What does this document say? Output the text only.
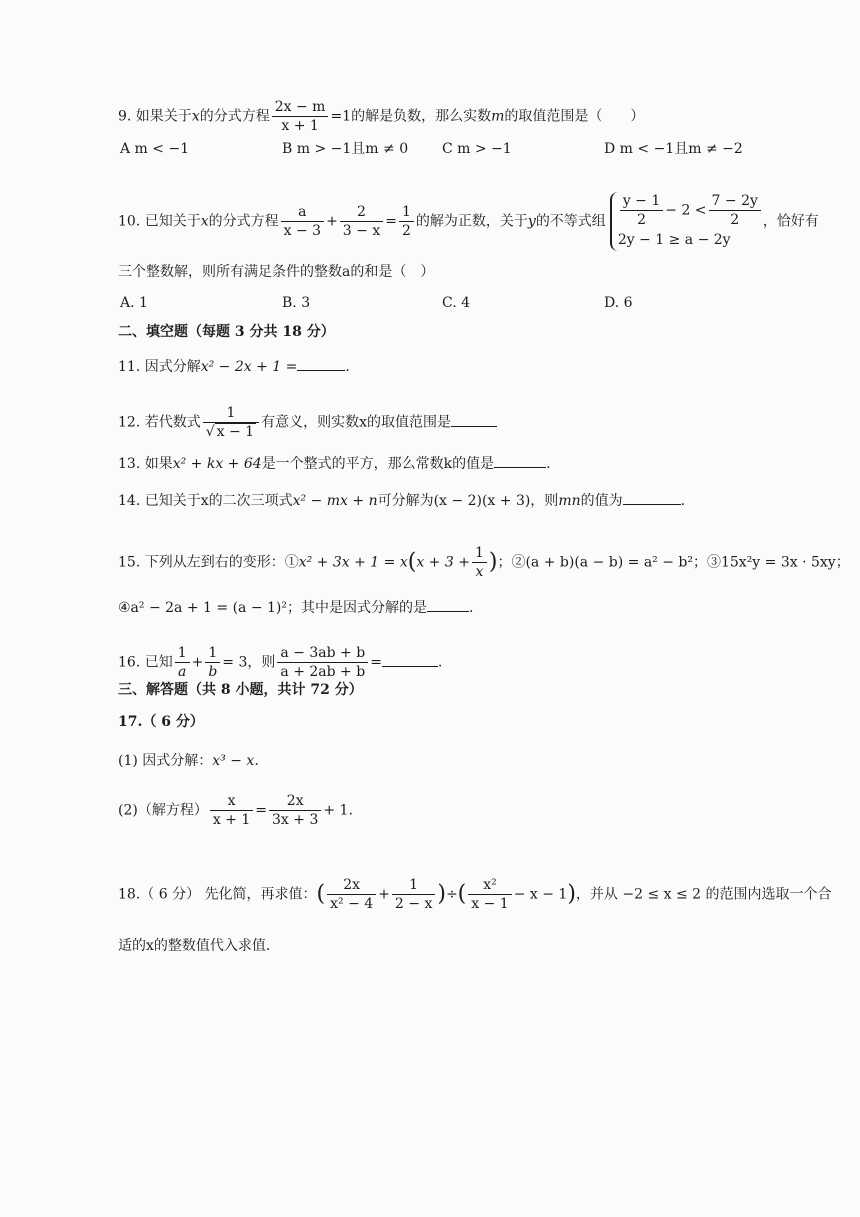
9. 如果关于x的分式方程 $\frac{2x - m}{x + 1} =1$的解是负数，那么实数m的取值范围是（　　）
A m < −1	B m > −1且m ≠ 0 C m > −1	D m < −1且m ≠ −2
10. 已知关于x的分式方程 $\frac{a}{x - 3} + \frac{2}{3 - x} = \frac{1}{2}$ 的解为正数，关于y的不等式组 $\frac{y - 1}{2} - 2 < \frac{7 - 2y}{2}$
2y − 1 ≥ a − 2y
，恰好有
三个整数解，则所有满足条件的整数a的和是（　）
A. 1	B. 3	C. 4	D. 6
二、填空题（每题 3 分共 18 分）
11. 因式分解x² − 2x + 1 =	.
12. 若代数式 $\frac{1}{√ x - 1}$ 有意义，则实数x的取值范围是
13. 如果x² + kx + 64是一个整式的平方，那么常数k的值是	.
14. 已知关于x的二次三项式x² − mx + n可分解为(x − 2)(x + 3)，则mn的值为	.
15. 下列从左到右的变形：①x² + $3x + 1 = x(x + 3 + \frac{1}{x}$ )；②(a + b)(a − b) = a² − b²；③15x²y = 3x · 5xy；
④a² − 2a + 1 = (a − 1)²；其中是因式分解的是	.
16. 已知 $\frac{1}{a} + \frac{1}{b} = 3$，则 $\frac{a - 3ab + b}{a + 2ab + b}$ =	.
三、解答题（共 8 小题，共计 72 分）
17.（ 6 分）
(1) 因式分解：x³ − x.
(2)（解方程） $\frac{x}{x + 1} = \frac{2x}{3x + 3} + 1$.
18.（ 6 分） 先化简，再求值：( $\frac{2x}{\text{x² − 4}} + \frac{1}{2 - x}$ )÷( $\frac{\text{x²}}{x - 1} - x - 1$)，并从 −2 ≤ x ≤ 2 的范围内选取一个合
适的x的整数值代入求值.
